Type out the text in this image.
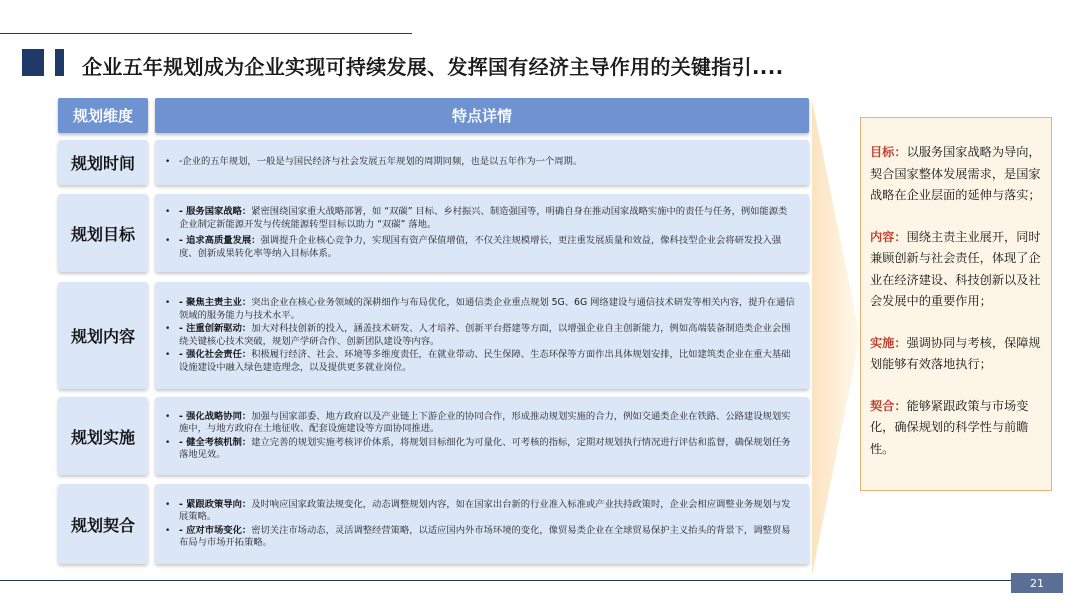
企业五年规划成为企业实现可持续发展、发挥国有经济主导作用的关键指引....
规划维度	特点详情
规划时间	• -企业的五年规划，一般是与国民经济与社会发展五年规划的周期同频，也是以五年作为一个周期。
规划目标
• - 服务国家战略：紧密围绕国家重大战略部署，如 “双碳” 目标、乡村振兴、制造强国等，明确自身在推动国家战略实施中的责任与任务，例如能源类企业制定新能源开发与传统能源转型目标以助力 “双碳” 落地。
• - 追求高质量发展：强调提升企业核心竞争力，实现国有资产保值增值，不仅关注规模增长，更注重发展质量和效益，像科技型企业会将研发投入强度、创新成果转化率等纳入目标体系。
规划内容
• - 聚焦主责主业：突出企业在核心业务领域的深耕细作与布局优化，如通信类企业重点规划 5G、6G 网络建设与通信技术研发等相关内容，提升在通信领域的服务能力与技术水平。
• - 注重创新驱动：加大对科技创新的投入，涵盖技术研发、人才培养、创新平台搭建等方面，以增强企业自主创新能力，例如高端装备制造类企业会围绕关键核心技术突破，规划产学研合作、创新团队建设等内容。
• - 强化社会责任：积极履行经济、社会、环境等多维度责任，在就业带动、民生保障、生态环保等方面作出具体规划安排，比如建筑类企业在重大基础设施建设中融入绿色建造理念，以及提供更多就业岗位。
规划实施
• - 强化战略协同：加强与国家部委、地方政府以及产业链上下游企业的协同合作，形成推动规划实施的合力，例如交通类企业在铁路、公路建设规划实施中，与地方政府在土地征收、配套设施建设等方面协同推进。
• - 健全考核机制：建立完善的规划实施考核评价体系，将规划目标细化为可量化、可考核的指标，定期对规划执行情况进行评估和监督，确保规划任务落地见效。
规划契合
• - 紧跟政策导向：及时响应国家政策法规变化，动态调整规划内容，如在国家出台新的行业准入标准或产业扶持政策时，企业会相应调整业务规划与发展策略。
• - 应对市场变化：密切关注市场动态，灵活调整经营策略，以适应国内外市场环境的变化，像贸易类企业在全球贸易保护主义抬头的背景下，调整贸易布局与市场开拓策略。

目标：以服务国家战略为导向，契合国家整体发展需求，是国家战略在企业层面的延伸与落实；

内容：围绕主责主业展开，同时兼顾创新与社会责任，体现了企业在经济建设、科技创新以及社会发展中的重要作用；

实施：强调协同与考核，保障规划能够有效落地执行；

契合：能够紧跟政策与市场变化，确保规划的科学性与前瞻性。

21
